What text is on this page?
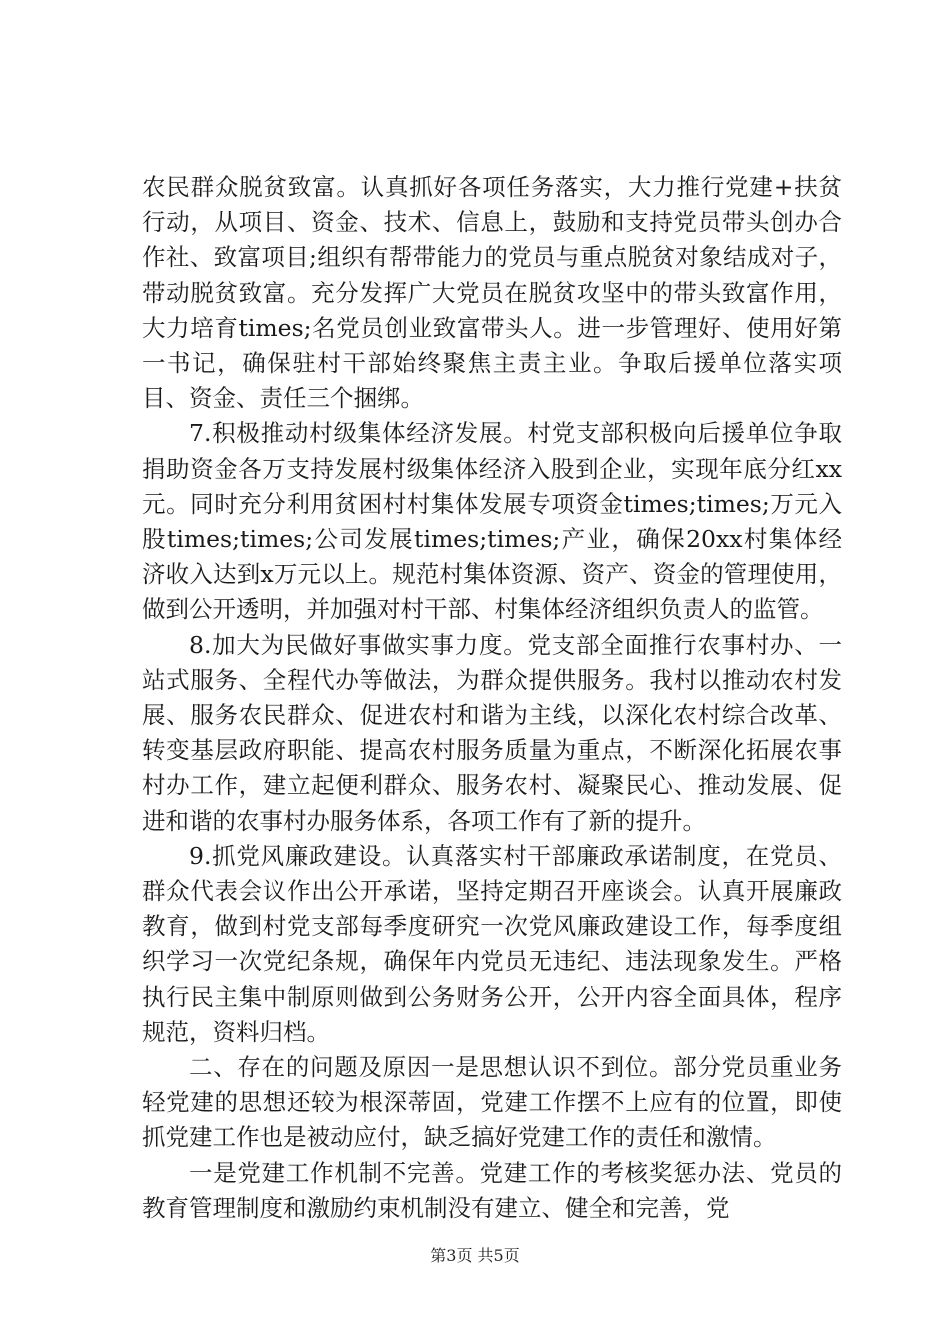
农民群众脱贫致富。认真抓好各项任务落实，大力推行党建+扶贫行动，从项目、资金、技术、信息上，鼓励和支持党员带头创办合作社、致富项目;组织有帮带能力的党员与重点脱贫对象结成对子，带动脱贫致富。充分发挥广大党员在脱贫攻坚中的带头致富作用，大力培育times;名党员创业致富带头人。进一步管理好、使用好第一书记，确保驻村干部始终聚焦主责主业。争取后援单位落实项目、资金、责任三个捆绑。

7.积极推动村级集体经济发展。村党支部积极向后援单位争取捐助资金各万支持发展村级集体经济入股到企业，实现年底分红xx元。同时充分利用贫困村村集体发展专项资金times;times;万元入股times;times;公司发展times;times;产业，确保20xx村集体经济收入达到x万元以上。规范村集体资源、资产、资金的管理使用，做到公开透明，并加强对村干部、村集体经济组织负责人的监管。

8.加大为民做好事做实事力度。党支部全面推行农事村办、一站式服务、全程代办等做法，为群众提供服务。我村以推动农村发展、服务农民群众、促进农村和谐为主线，以深化农村综合改革、转变基层政府职能、提高农村服务质量为重点，不断深化拓展农事村办工作，建立起便利群众、服务农村、凝聚民心、推动发展、促进和谐的农事村办服务体系，各项工作有了新的提升。

9.抓党风廉政建设。认真落实村干部廉政承诺制度，在党员、群众代表会议作出公开承诺，坚持定期召开座谈会。认真开展廉政教育，做到村党支部每季度研究一次党风廉政建设工作，每季度组织学习一次党纪条规，确保年内党员无违纪、违法现象发生。严格执行民主集中制原则做到公务财务公开，公开内容全面具体，程序规范，资料归档。

二、存在的问题及原因一是思想认识不到位。部分党员重业务轻党建的思想还较为根深蒂固，党建工作摆不上应有的位置，即使抓党建工作也是被动应付，缺乏搞好党建工作的责任和激情。

一是党建工作机制不完善。党建工作的考核奖惩办法、党员的教育管理制度和激励约束机制没有建立、健全和完善，党

第3页 共5页
